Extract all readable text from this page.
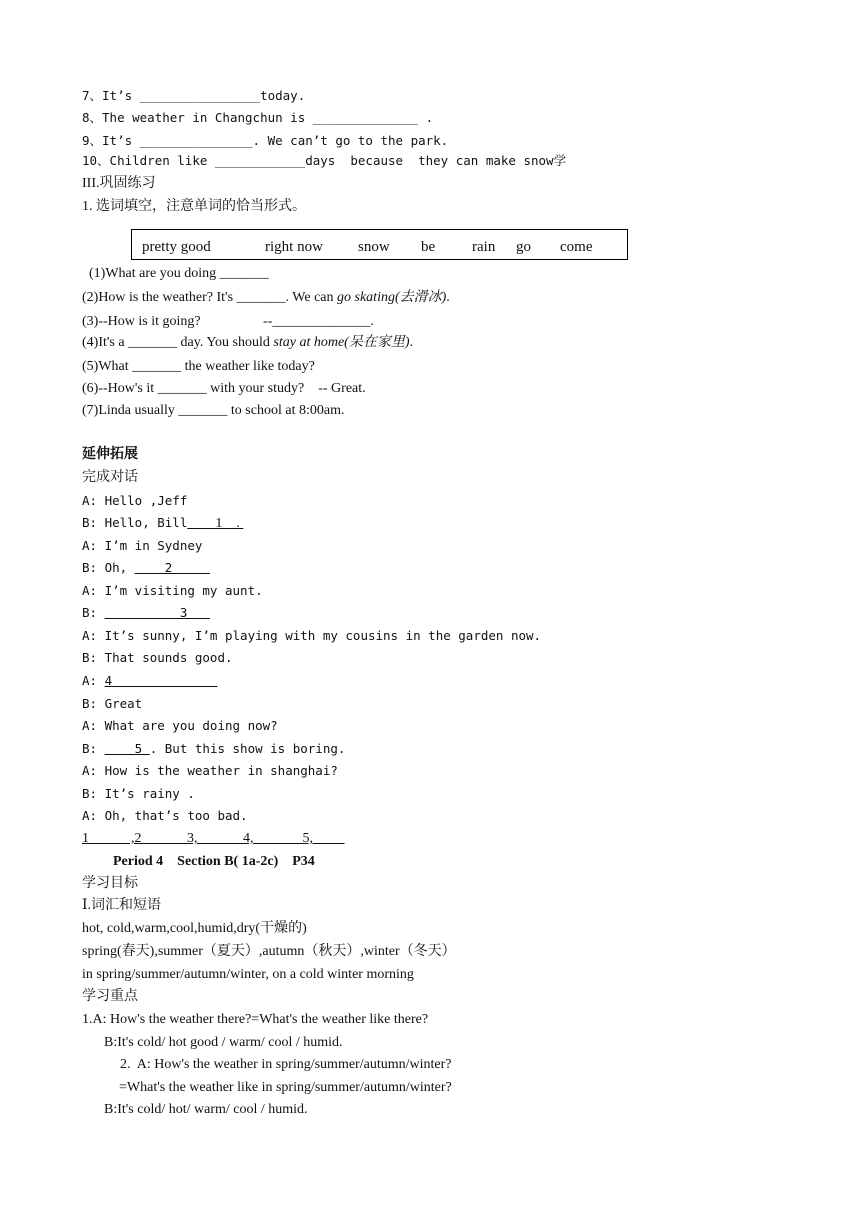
7、It’s ________________today.
8、The weather in Changchun is ______________ .
9、It’s _______________. We can’t go to the park.
10、Children like ____________days  because  they can make snow学
III.巩固练习
1. 选词填空，注意单词的恰当形式。
pretty good	right now snow be rain go come
(1)What are you doing _______
(2)How is the weather? It's _______. We can go skating(去滑冰).
(3)--How is it going?	--______________.
(4)It's a _______ day. You should stay at home(呆在家里).
(5)What _______ the weather like today?
(6)--How's it _______ with your study?    -- Great.
(7)Linda usually _______ to school at 8:00am.
延伸拓展
完成对话
A: Hello ,Jeff
B: Hello, Bill        1    .
A: I’m in Sydney
B: Oh,     2
A: I’m visiting my aunt.
B:           3
A: It’s sunny, I’m playing with my cousins in the garden now.
B: That sounds good.
A: 4
B: Great
A: What are you doing now?
B:     5 . But this show is boring.
A: How is the weather in shanghai?
B: It’s rainy .
A: Oh, that’s too bad.
1            ,2             3,             4,              5,
Period 4    Section B( 1a-2c)    P34
学习目标
Ⅰ.词汇和短语
hot, cold,warm,cool,humid,dry(干燥的)
spring(春天),summer（夏天）,autumn（秋天）,winter（冬天）
in spring/summer/autumn/winter, on a cold winter morning
学习重点
1.A: How's the weather there?=What's the weather like there?
B:It's cold/ hot good / warm/ cool / humid.
2.  A: How's the weather in spring/summer/autumn/winter?
=What's the weather like in spring/summer/autumn/winter?
B:It's cold/ hot/ warm/ cool / humid.
